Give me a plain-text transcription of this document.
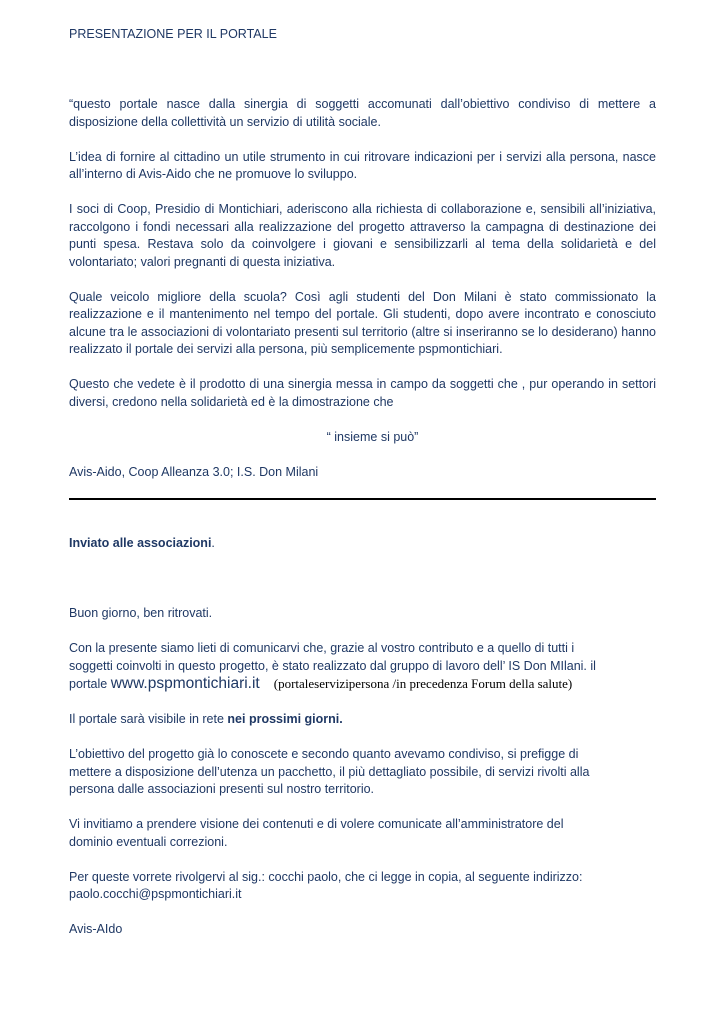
PRESENTAZIONE PER IL PORTALE

“questo portale nasce dalla sinergia di soggetti accomunati dall’obiettivo condiviso di mettere a disposizione della collettività un servizio di utilità sociale.

L’idea di fornire al cittadino un utile strumento in cui ritrovare indicazioni per i servizi alla persona, nasce all’interno di Avis-Aido che ne promuove lo sviluppo.

I soci di Coop, Presidio di Montichiari, aderiscono alla richiesta di collaborazione e, sensibili all’iniziativa, raccolgono i fondi necessari alla realizzazione del progetto attraverso la campagna di destinazione dei punti spesa. Restava solo da coinvolgere i giovani e sensibilizzarli al tema della solidarietà e del volontariato; valori pregnanti di questa iniziativa.

Quale veicolo migliore della scuola? Così agli studenti del Don Milani è stato commissionato la realizzazione e il mantenimento nel tempo del portale. Gli studenti, dopo avere incontrato e conosciuto alcune tra le associazioni di volontariato presenti sul territorio (altre si inseriranno se lo desiderano) hanno realizzato il portale dei servizi alla persona, più semplicemente pspmontichiari.

Questo che vedete è il prodotto di una sinergia messa in campo da soggetti che , pur operando in settori diversi, credono nella solidarietà ed è la dimostrazione che

“ insieme si può”

Avis-Aido, Coop Alleanza 3.0; I.S. Don Milani

Inviato alle associazioni.

Buon giorno, ben ritrovati.

Con la presente siamo lieti di comunicarvi che, grazie al vostro contributo e a quello di tutti i
soggetti coinvolti in questo progetto, è stato realizzato dal gruppo di lavoro dell’ IS Don MIlani. il
portale www.pspmontichiari.it (portaleservizipersona /in precedenza Forum della salute)

Il portale sarà visibile in rete nei prossimi giorni.

L’obiettivo del progetto già lo conoscete e secondo quanto avevamo condiviso, si prefigge di
mettere a disposizione dell’utenza un pacchetto, il più dettagliato possibile, di servizi rivolti alla
persona dalle associazioni presenti sul nostro territorio.

Vi invitiamo a prendere visione dei contenuti e di volere comunicate all’amministratore del
dominio eventuali correzioni.

Per queste vorrete rivolgervi al sig.: cocchi paolo, che ci legge in copia, al seguente indirizzo:
paolo.cocchi@pspmontichiari.it

Avis-AIdo
